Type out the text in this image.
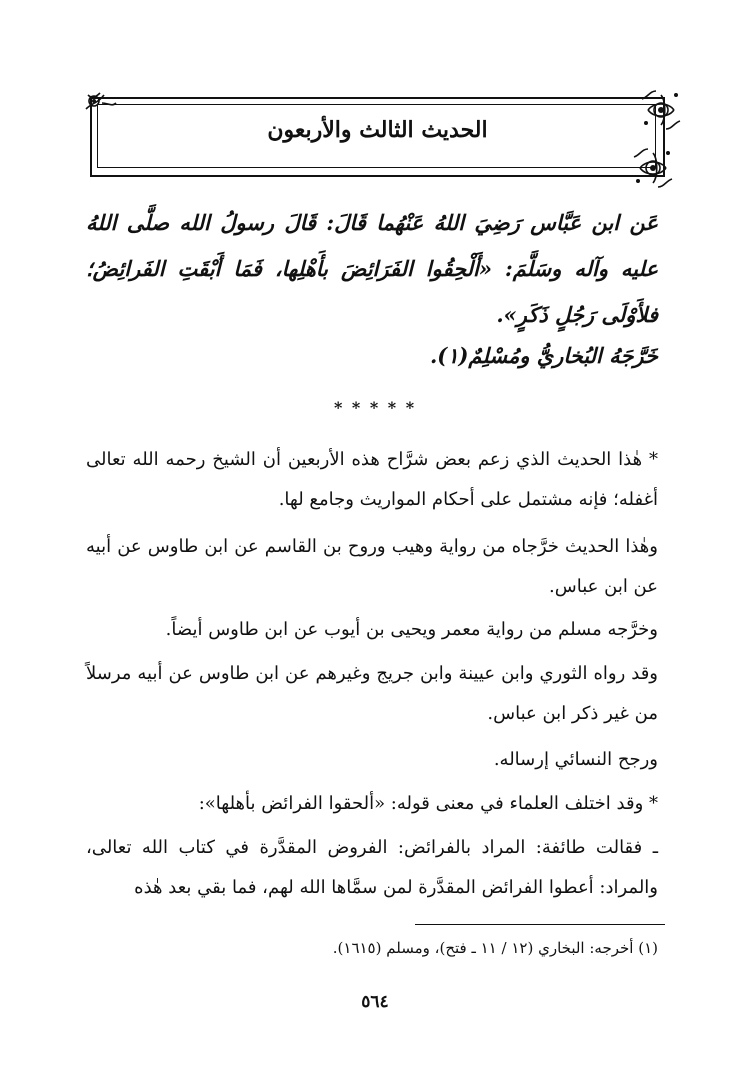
الحديث الثالث والأربعون
عَن ابن عَبَّاس رَضِيَ اللهُ عَنْهُما قَالَ: قَالَ رسولُ الله صلَّى اللهُ عليه وآله وسَلَّمَ: «أَلْحِقُوا الفَرَائِضَ بأَهْلِها، فَمَا أَبْقَتِ الفَرائِضُ؛ فلأَوْلَى رَجُلٍ ذَكَرٍ».
خَرَّجَهُ البُخاريُّ ومُسْلِمٌ(١).
* * * * *
* هٰذا الحديث الذي زعم بعض شرَّاح هذه الأربعين أن الشيخ رحمه الله تعالى أغفله؛ فإنه مشتمل على أحكام المواريث وجامع لها.
وهٰذا الحديث خرَّجاه من رواية وهيب وروح بن القاسم عن ابن طاوس عن أبيه عن ابن عباس.
وخرَّجه مسلم من رواية معمر ويحيى بن أيوب عن ابن طاوس أيضاً.
وقد رواه الثوري وابن عيينة وابن جريج وغيرهم عن ابن طاوس عن أبيه مرسلاً من غير ذكر ابن عباس.
ورجح النسائي إرساله.
* وقد اختلف العلماء في معنى قوله: «ألحقوا الفرائض بأهلها»:
ـ فقالت طائفة: المراد بالفرائض: الفروض المقدَّرة في كتاب الله تعالى، والمراد: أعطوا الفرائض المقدَّرة لمن سمَّاها الله لهم، فما بقي بعد هٰذه
(١) أخرجه: البخاري (١٢ / ١١ ـ فتح)، ومسلم (١٦١٥).
٥٦٤
